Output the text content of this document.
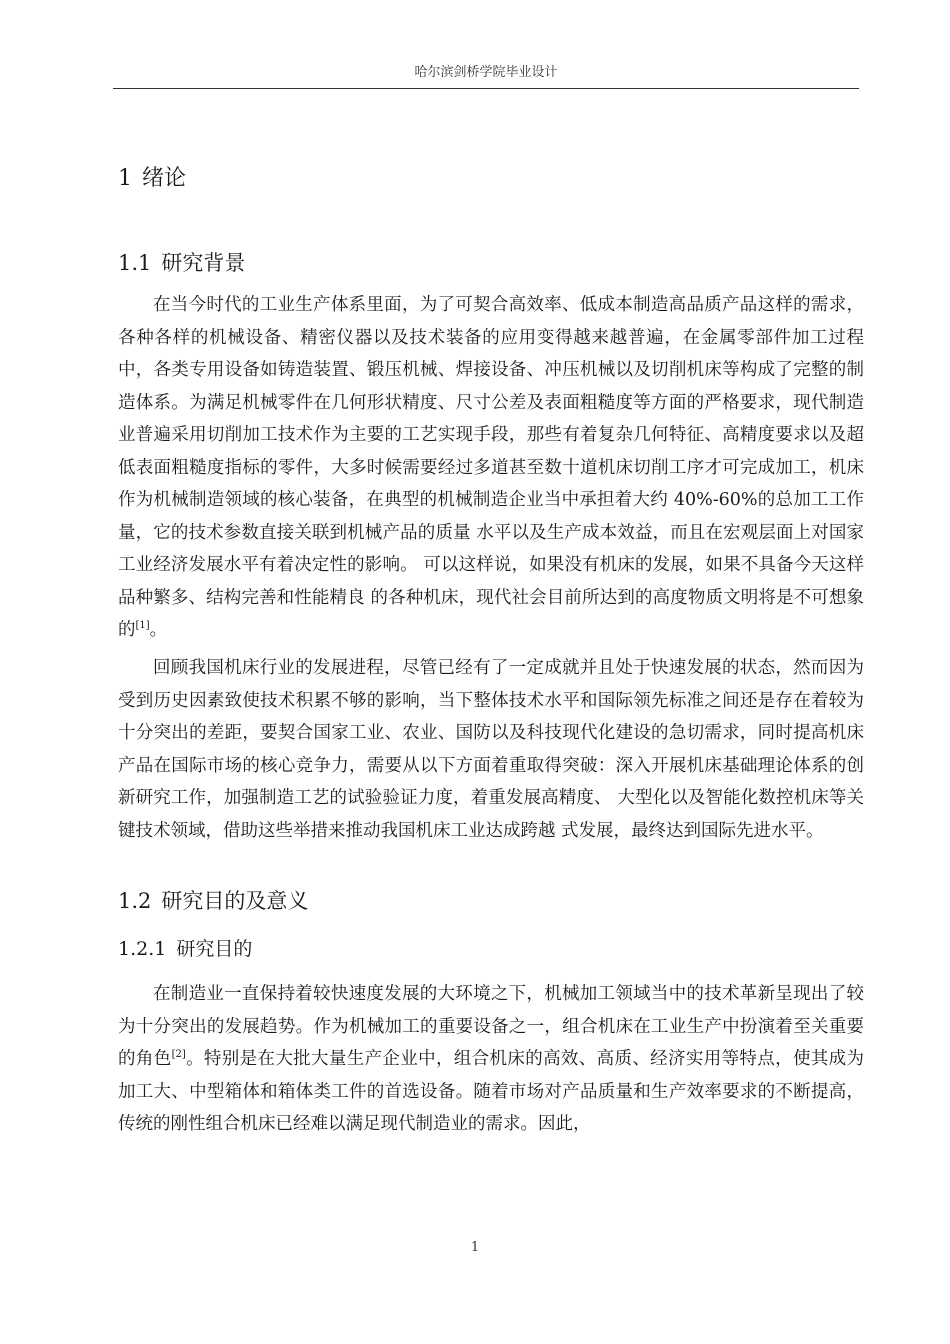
哈尔滨剑桥学院毕业设计
1 绪论
1.1 研究背景

在当今时代的工业生产体系里面，为了可契合高效率、低成本制造高品质产品这样的需求，各种各样的机械设备、精密仪器以及技术装备的应用变得越来越普遍，在金属零部件加工过程中，各类专用设备如铸造装置、锻压机械、焊接设备、冲压机械以及切削机床等构成了完整的制造体系。为满足机械零件在几何形状精度、尺寸公差及表面粗糙度等方面的严格要求，现代制造业普遍采用切削加工技术作为主要的工艺实现手段，那些有着复杂几何特征、高精度要求以及超低表面粗糙度指标的零件，大多时候需要经过多道甚至数十道机床切削工序才可完成加工，机床作为机械制造领域的核心装备，在典型的机械制造企业当中承担着大约 40%-60%的总加工工作量，它的技术参数直接关联到机械产品的质量 水平以及生产成本效益，而且在宏观层面上对国家工业经济发展水平有着决定性的影响。 可以这样说，如果没有机床的发展，如果不具备今天这样品种繁多、结构完善和性能精良 的各种机床，现代社会目前所达到的高度物质文明将是不可想象的[1]。

回顾我国机床行业的发展进程，尽管已经有了一定成就并且处于快速发展的状态，然而因为受到历史因素致使技术积累不够的影响，当下整体技术水平和国际领先标准之间还是存在着较为十分突出的差距，要契合国家工业、农业、国防以及科技现代化建设的急切需求，同时提高机床产品在国际市场的核心竞争力，需要从以下方面着重取得突破：深入开展机床基础理论体系的创新研究工作，加强制造工艺的试验验证力度，着重发展高精度、 大型化以及智能化数控机床等关键技术领域，借助这些举措来推动我国机床工业达成跨越 式发展，最终达到国际先进水平。

1.2 研究目的及意义
1.2.1 研究目的

在制造业一直保持着较快速度发展的大环境之下，机械加工领域当中的技术革新呈现出了较为十分突出的发展趋势。作为机械加工的重要设备之一，组合机床在工业生产中扮演着至关重要的角色[2]。特别是在大批大量生产企业中，组合机床的高效、高质、经济实用等特点，使其成为加工大、中型箱体和箱体类工件的首选设备。随着市场对产品质量和生产效率要求的不断提高，传统的刚性组合机床已经难以满足现代制造业的需求。因此，

1
